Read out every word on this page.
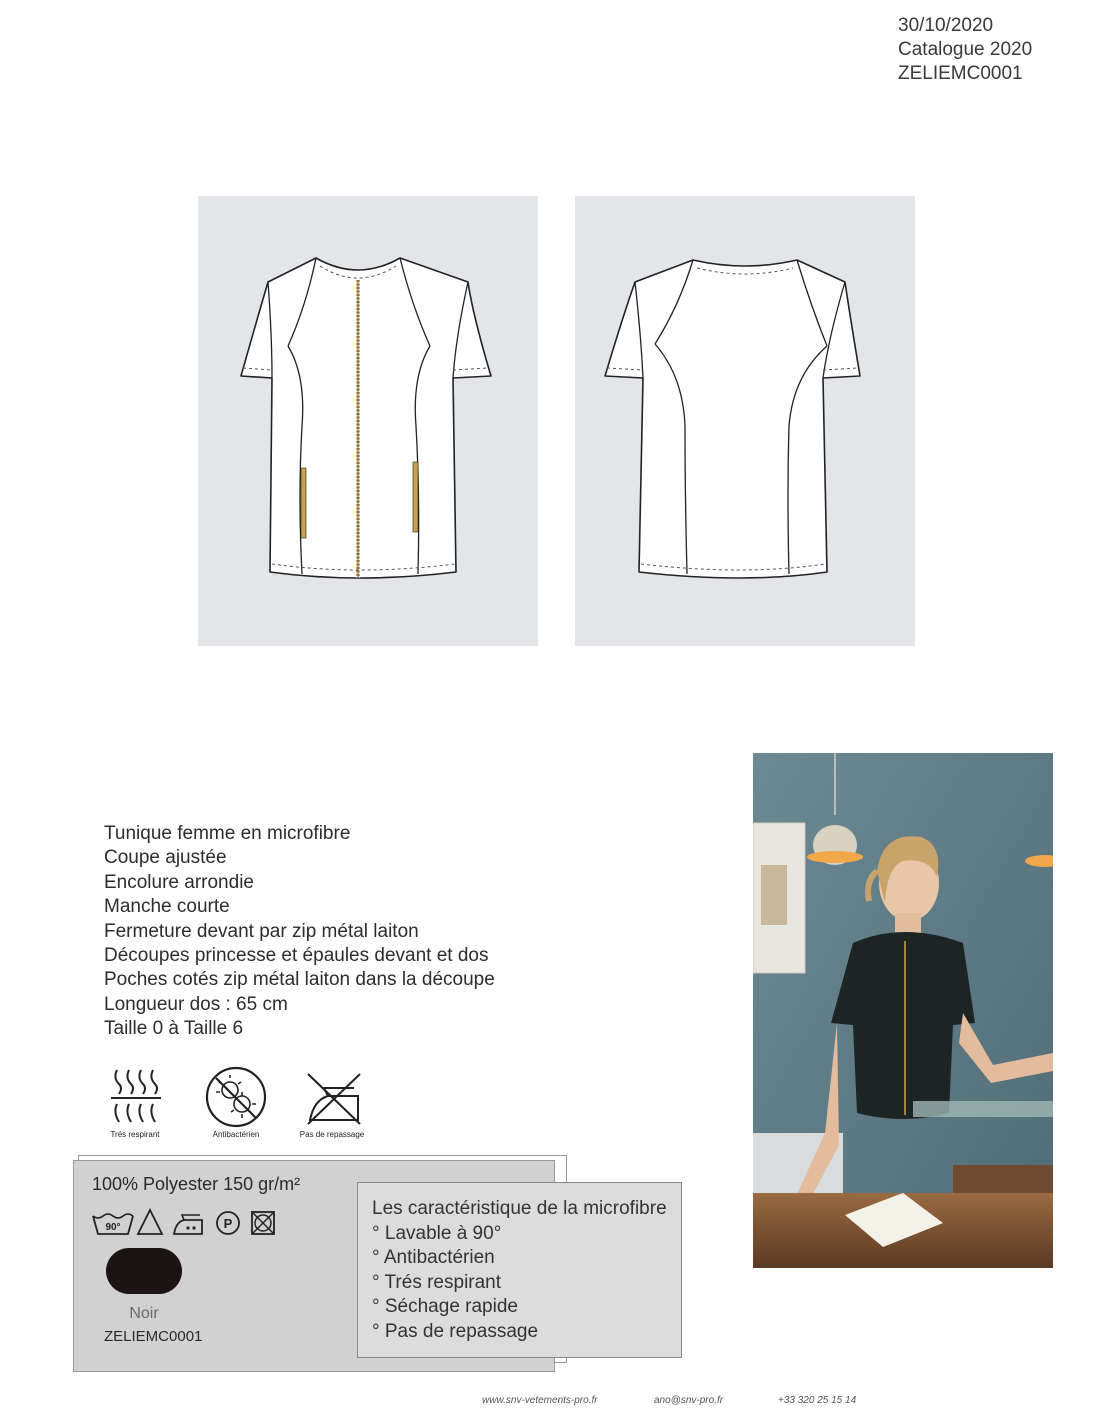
30/10/2020
Catalogue 2020
ZELIEMC0001
Tunique femme en microfibre
Coupe ajustée
Encolure arrondie
Manche courte
Fermeture devant par zip métal laiton
Découpes princesse et épaules devant et dos
Poches cotés zip métal laiton dans la découpe
Longueur dos : 65 cm
Taille 0 à Taille 6
Trés respirant	Antibactérien	Pas de repassage
100% Polyester 150 gr/m²
90°	P
Noir
ZELIEMC0001
Les caractéristique de la microfibre
° Lavable à 90°
° Antibactérien
° Trés respirant
° Séchage rapide
° Pas de repassage
www.snv-vetements-pro.fr	ano@snv-pro.fr	+33 320 25 15 14
